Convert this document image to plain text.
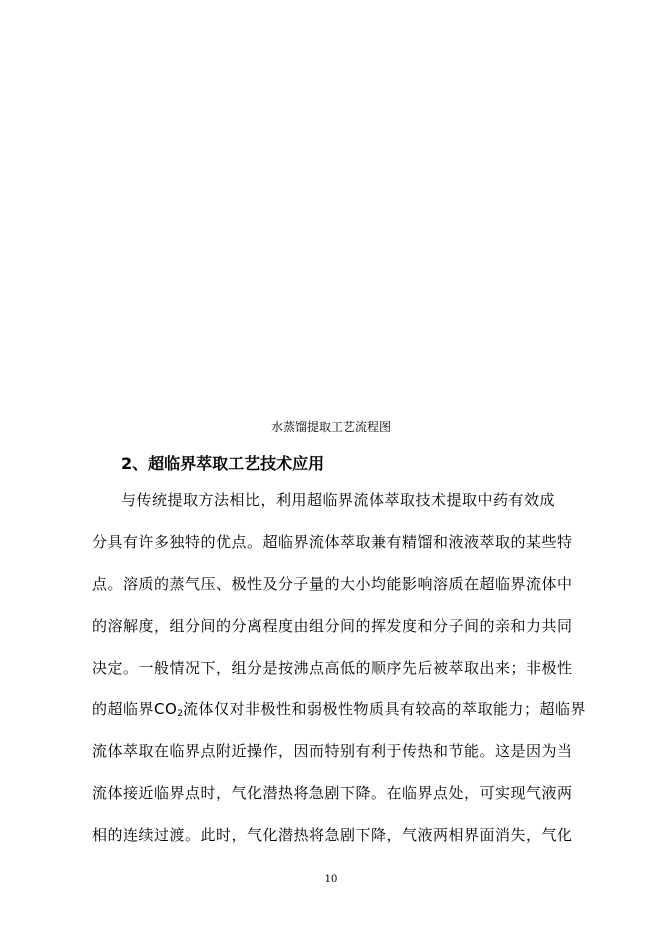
水蒸馏提取工艺流程图
2、超临界萃取工艺技术应用
与传统提取方法相比，利用超临界流体萃取技术提取中药有效成
分具有许多独特的优点。超临界流体萃取兼有精馏和液液萃取的某些特
点。溶质的蒸气压、极性及分子量的大小均能影响溶质在超临界流体中
的溶解度，组分间的分离程度由组分间的挥发度和分子间的亲和力共同
决定。一般情况下，组分是按沸点高低的顺序先后被萃取出来；非极性
的超临界$CO_2$流体仅对非极性和弱极性物质具有较高的萃取能力；超临界
流体萃取在临界点附近操作，因而特别有利于传热和节能。这是因为当
流体接近临界点时，气化潜热将急剧下降。在临界点处，可实现气液两
相的连续过渡。此时，气化潜热将急剧下降，气液两相界面消失，气化
10
